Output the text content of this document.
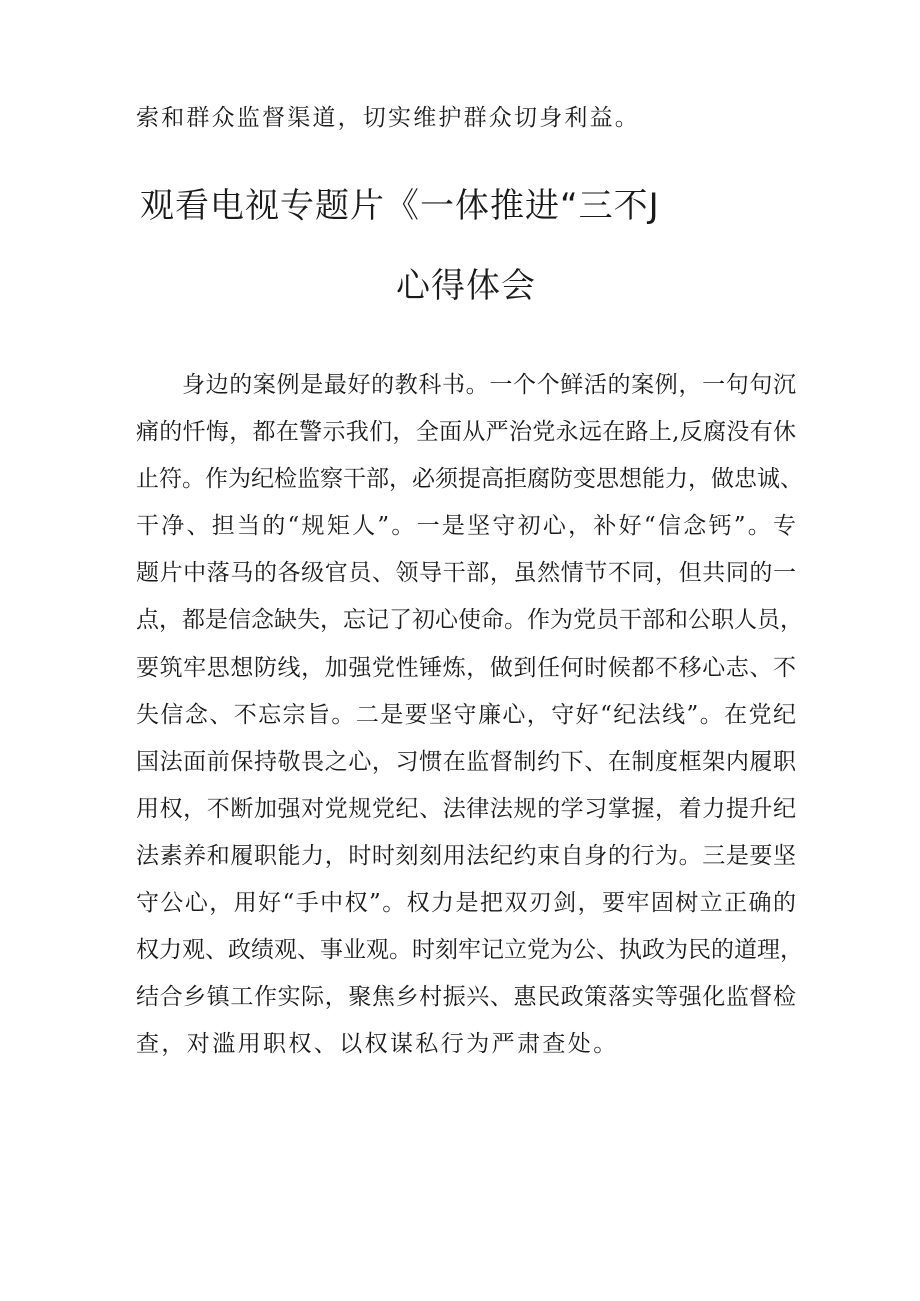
索和群众监督渠道，切实维护群众切身利益。
观看电视专题片《一体推进“三不J
心得体会
身边的案例是最好的教科书。一个个鲜活的案例，一句句沉
痛的忏悔，都在警示我们，全面从严治党永远在路上,反腐没有休
止符。作为纪检监察干部，必须提高拒腐防变思想能力，做忠诚、
干净、担当的“规矩人”。一是坚守初心，补好“信念钙”。专
题片中落马的各级官员、领导干部，虽然情节不同，但共同的一
点，都是信念缺失，忘记了初心使命。作为党员干部和公职人员，
要筑牢思想防线，加强党性锤炼，做到任何时候都不移心志、不
失信念、不忘宗旨。二是要坚守廉心，守好“纪法线”。在党纪
国法面前保持敬畏之心，习惯在监督制约下、在制度框架内履职
用权，不断加强对党规党纪、法律法规的学习掌握，着力提升纪
法素养和履职能力，时时刻刻用法纪约束自身的行为。三是要坚
守公心，用好“手中权”。权力是把双刃剑，要牢固树立正确的
权力观、政绩观、事业观。时刻牢记立党为公、执政为民的道理，
结合乡镇工作实际，聚焦乡村振兴、惠民政策落实等强化监督检
查，对滥用职权、以权谋私行为严肃查处。
